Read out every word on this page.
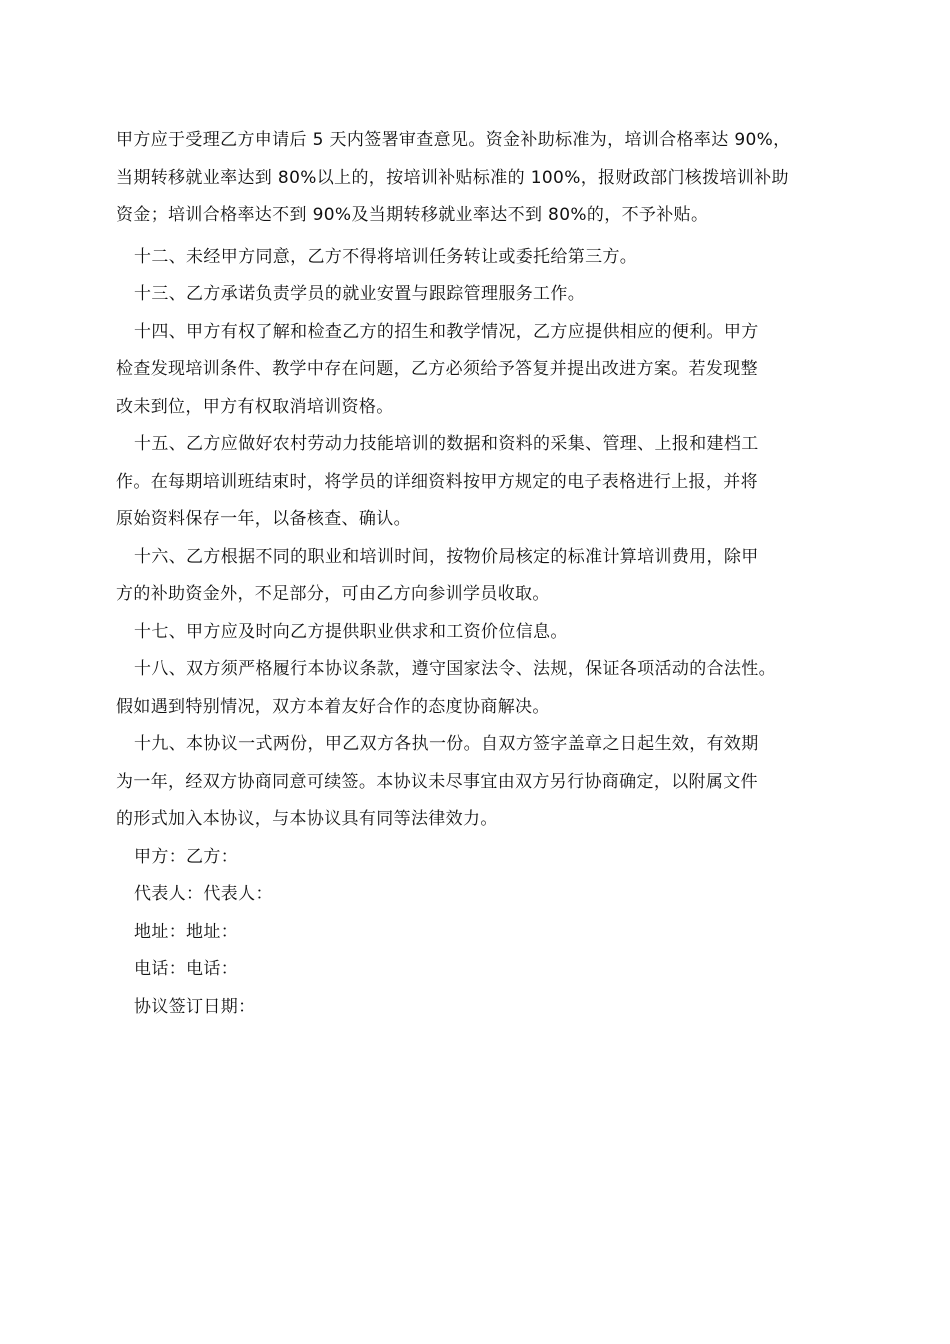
甲方应于受理乙方申请后 5 天内签署审查意见。资金补助标准为，培训合格率达 90%，
当期转移就业率达到 80%以上的，按培训补贴标准的 100%，报财政部门核拨培训补助
资金；培训合格率达不到 90%及当期转移就业率达不到 80%的，不予补贴。

十二、未经甲方同意，乙方不得将培训任务转让或委托给第三方。

十三、乙方承诺负责学员的就业安置与跟踪管理服务工作。

十四、甲方有权了解和检查乙方的招生和教学情况，乙方应提供相应的便利。甲方
检查发现培训条件、教学中存在问题，乙方必须给予答复并提出改进方案。若发现整
改未到位，甲方有权取消培训资格。

十五、乙方应做好农村劳动力技能培训的数据和资料的采集、管理、上报和建档工
作。在每期培训班结束时，将学员的详细资料按甲方规定的电子表格进行上报，并将
原始资料保存一年，以备核查、确认。

十六、乙方根据不同的职业和培训时间，按物价局核定的标准计算培训费用，除甲
方的补助资金外，不足部分，可由乙方向参训学员收取。

十七、甲方应及时向乙方提供职业供求和工资价位信息。

十八、双方须严格履行本协议条款，遵守国家法令、法规，保证各项活动的合法性。
假如遇到特别情况，双方本着友好合作的态度协商解决。

十九、本协议一式两份，甲乙双方各执一份。自双方签字盖章之日起生效，有效期
为一年，经双方协商同意可续签。本协议未尽事宜由双方另行协商确定，以附属文件
的形式加入本协议，与本协议具有同等法律效力。

甲方：乙方：

代表人：代表人：

地址：地址：

电话：电话：

协议签订日期：
